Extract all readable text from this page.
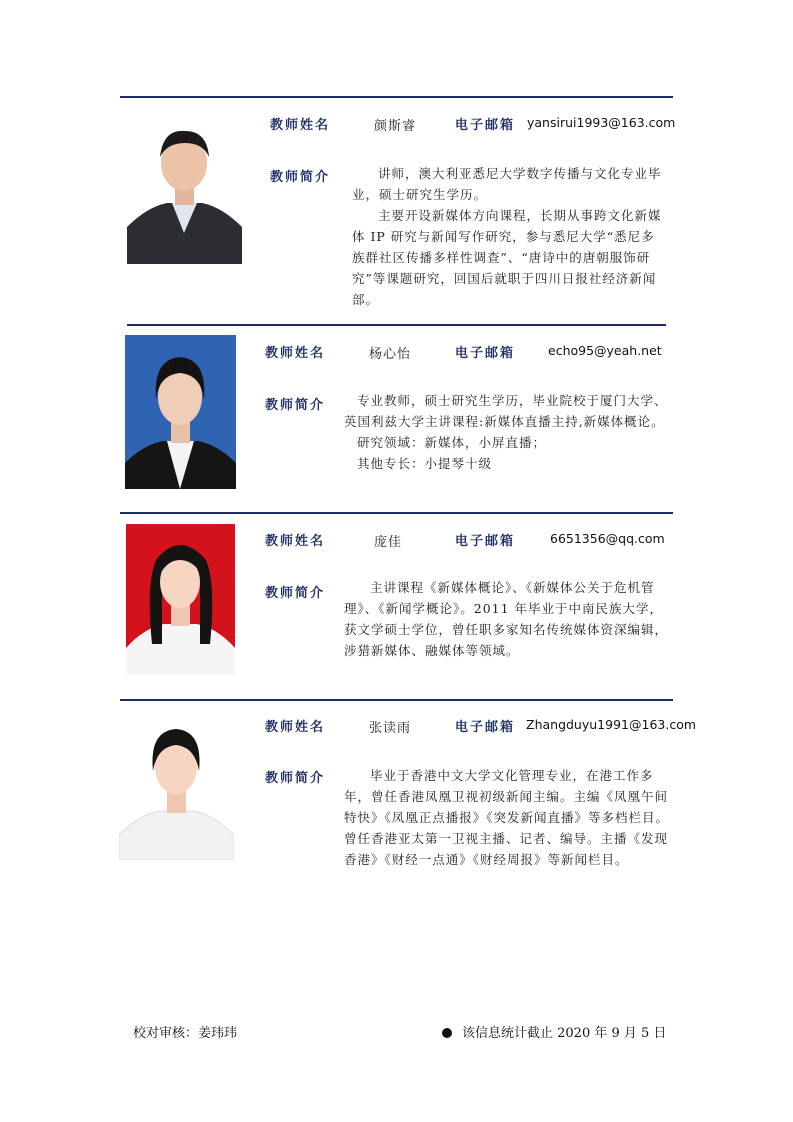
教师姓名	颜斯睿	电子邮箱 yansirui1993@163.com
教师简介	讲师，澳大利亚悉尼大学数字传播与文化专业毕业，硕士研究生学历。

主要开设新媒体方向课程，长期从事跨文化新媒体 IP 研究与新闻写作研究，参与悉尼大学“悉尼多族群社区传播多样性调查”、“唐诗中的唐朝服饰研究”等课题研究，回国后就职于四川日报社经济新闻部。

教师姓名	杨心怡	电子邮箱	echo95@yeah.net
教师简介	专业教师，硕士研究生学历，毕业院校于厦门大学、英国利兹大学主讲课程:新媒体直播主持,新媒体概论。

研究领域：新媒体，小屏直播；

其他专长：小提琴十级

教师姓名	庞佳	电子邮箱	6651356@qq.com
教师简介	主讲课程《新媒体概论》、《新媒体公关于危机管理》、《新闻学概论》。2011 年毕业于中南民族大学，获文学硕士学位，曾任职多家知名传统媒体资深编辑，涉猎新媒体、融媒体等领域。

教师姓名	张读雨	电子邮箱 Zhangduyu1991@163.com
教师简介	毕业于香港中文大学文化管理专业，在港工作多年，曾任香港凤凰卫视初级新闻主编。主编《凤凰午间特快》《凤凰正点播报》《突发新闻直播》等多档栏目。曾任香港亚太第一卫视主播、记者、编导。主播《发现香港》《财经一点通》《财经周报》等新闻栏目。

校对审核：姜玮玮	该信息统计截止 2020 年 9 月 5 日
